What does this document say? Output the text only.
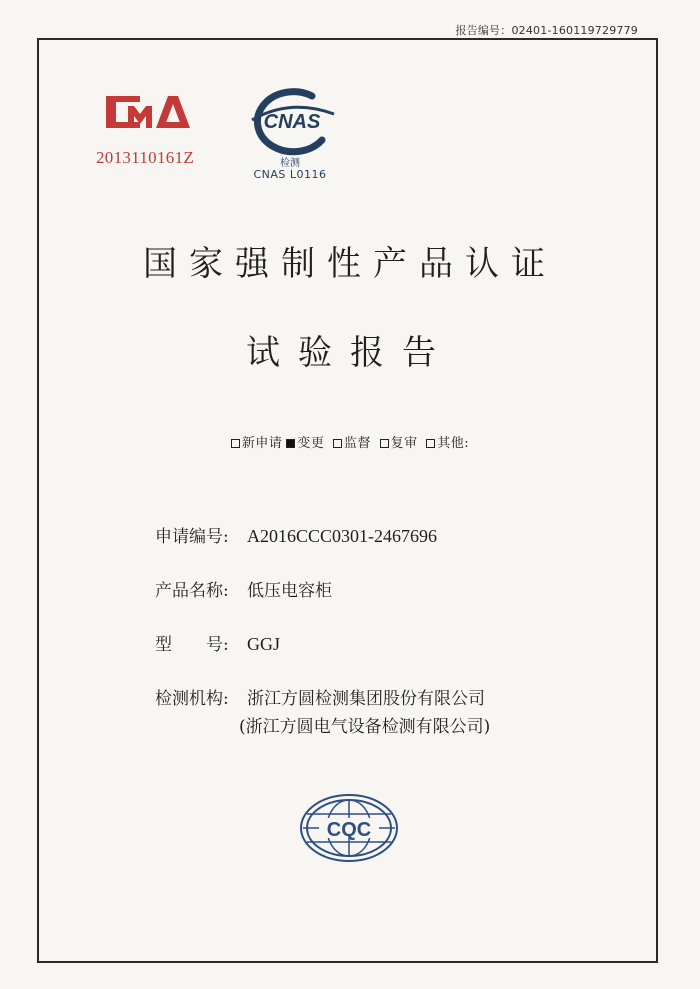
报告编号：02401-160119729779
2013110161Z
CNAS
检测
CNAS L0116
国家强制性产品认证
试验报告
新申请 变更 监督 复审 其他:
申请编号: A2016CCC0301-2467696
产品名称: 低压电容柜
型　　号: GGJ
检测机构: 浙江方圆检测集团股份有限公司
(浙江方圆电气设备检测有限公司)
CQC
